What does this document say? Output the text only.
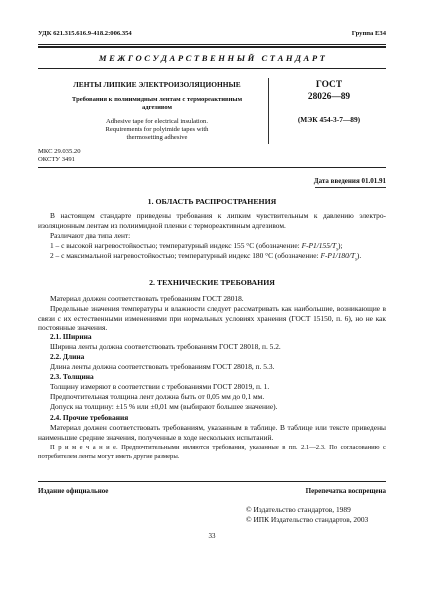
УДК 621.315.616.9-418.2:006.354	Группа Е34
М Е Ж Г О С У Д А Р С Т В Е Н Н Ы Й   С Т А Н Д А Р Т
ЛЕНТЫ ЛИПКИЕ ЭЛЕКТРОИЗОЛЯЦИОННЫЕ
Требования к полиимидным лентам с термореактивным
адгезивом
Adhesive tape for electrical insulation.
Requirements for polyimide tapes with
thermosetting adhesive
ГОСТ
28026—89
(МЭК 454-3-7—89)
МКС 29.035.20
ОКСТУ 3491
Дата введения 01.01.91
1. ОБЛАСТЬ РАСПРОСТРАНЕНИЯ
В настоящем стандарте приведены требования к липким чувствительным к давлению электро-изоляционным лентам из полиимидной пленки с термореактивным адгезивом.
Различают два типа лент:
1 – с высокой нагревостойкостью; температурный индекс 155 °С (обозначение: $F-P1/155/T_s$);
2 – с максимальной нагревостойкостью; температурный индекс 180 °С (обозначение: $F-P1/180/T_s$).
2. ТЕХНИЧЕСКИЕ ТРЕБОВАНИЯ
Материал должен соответствовать требованиям ГОСТ 28018.
Предельные значения температуры и влажности следует рассматривать как наибольшие, возникающие в связи с их естественными изменениями при нормальных условиях хранения (ГОСТ 15150, п. 6), но не как постоянные значения.
2.1. Ширина
Ширина ленты должна соответствовать требованиям ГОСТ 28018, п. 5.2.
2.2. Длина
Длина ленты должна соответствовать требованиям ГОСТ 28018, п. 5.3.
2.3. Толщина
Толщину измеряют в соответствии с требованиями ГОСТ 28019, п. 1.
Предпочтительная толщина лент должна быть от 0,05 мм до 0,1 мм.
Допуск на толщину: ±15 % или ±0,01 мм (выбирают большее значение).
2.4. Прочие требования
Материал должен соответствовать требованиям, указанным в таблице. В таблице или тексте приведены наименьшие средние значения, полученные в ходе нескольких испытаний.
П р и м е ч а н и е. Предпочтительными являются требования, указанные в пп. 2.1—2.3. По согласованию с потребителем ленты могут иметь другие размеры.
Издание официальное	Перепечатка воспрещена
© Издательство стандартов, 1989
© ИПК Издательство стандартов, 2003
33
